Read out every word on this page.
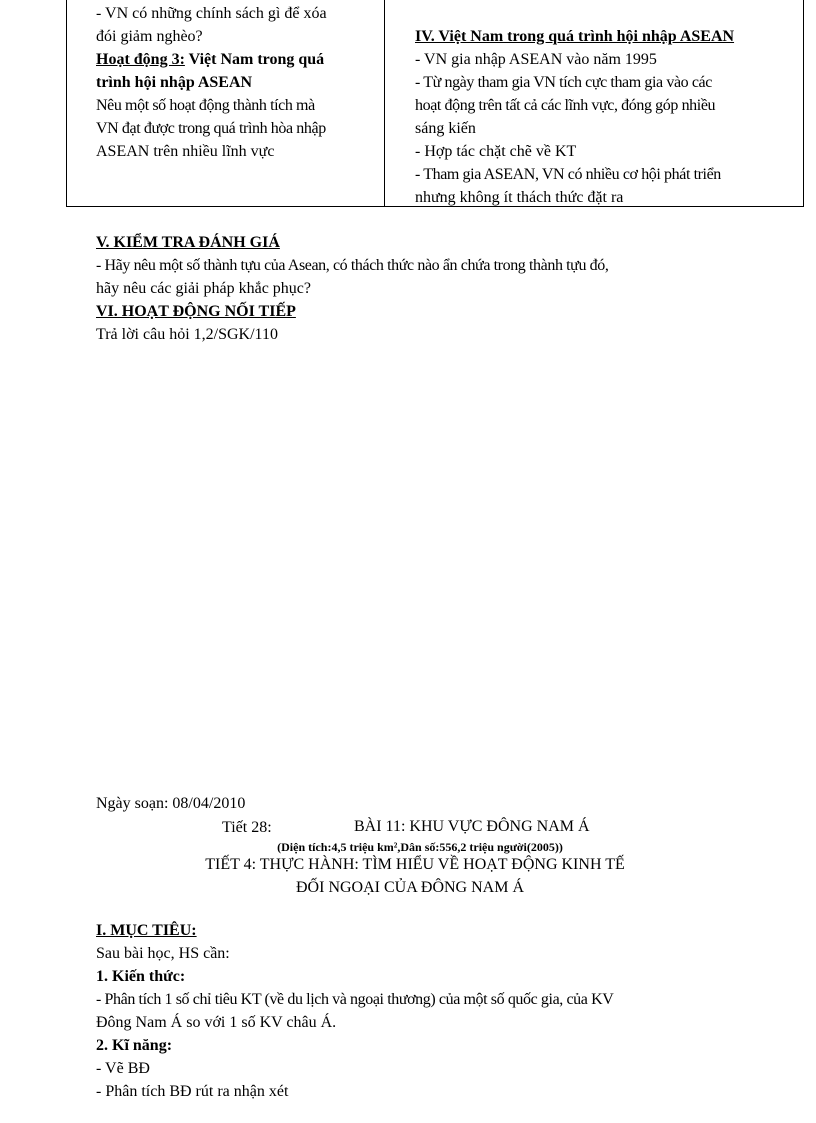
- VN có những chính sách gì để xóa
đói giảm nghèo?
Hoạt động 3: Việt Nam trong quá
trình hội nhập ASEAN
Nêu một số hoạt động thành tích mà
VN đạt được trong quá trình hòa nhập
ASEAN trên nhiều lĩnh vực
IV. Việt Nam trong quá trình hội nhập ASEAN
- VN gia nhập ASEAN vào năm 1995
- Từ ngày tham gia VN tích cực tham gia vào các
hoạt động trên tất cả các lĩnh vực, đóng góp nhiều
sáng kiến
- Hợp tác chặt chẽ về KT
- Tham gia ASEAN, VN có nhiều cơ hội phát triển
nhưng không ít thách thức đặt ra
V. KIỂM TRA ĐÁNH GIÁ
- Hãy nêu một số thành tựu của Asean, có thách thức nào ẩn chứa trong thành tựu đó,
hãy nêu các giải pháp khắc phục?
VI. HOẠT ĐỘNG NỐI TIẾP
Trả lời câu hỏi 1,2/SGK/110
Ngày soạn: 08/04/2010
Tiết 28:	BÀI 11: KHU VỰC ĐÔNG NAM Á
(Diện tích:4,5 triệu km²,Dân số:556,2 triệu người(2005))
TIẾT 4: THỰC HÀNH: TÌM HIỂU VỀ HOẠT ĐỘNG KINH TẾ
ĐỐI NGOẠI CỦA ĐÔNG NAM Á
I. MỤC TIÊU:
Sau bài học, HS cần:
1. Kiến thức:
- Phân tích 1 số chỉ tiêu KT (về du lịch và ngoại thương) của một số quốc gia, của KV
Đông Nam Á so với 1 số KV châu Á.
2. Kĩ năng:
- Vẽ BĐ
- Phân tích BĐ rút ra nhận xét
